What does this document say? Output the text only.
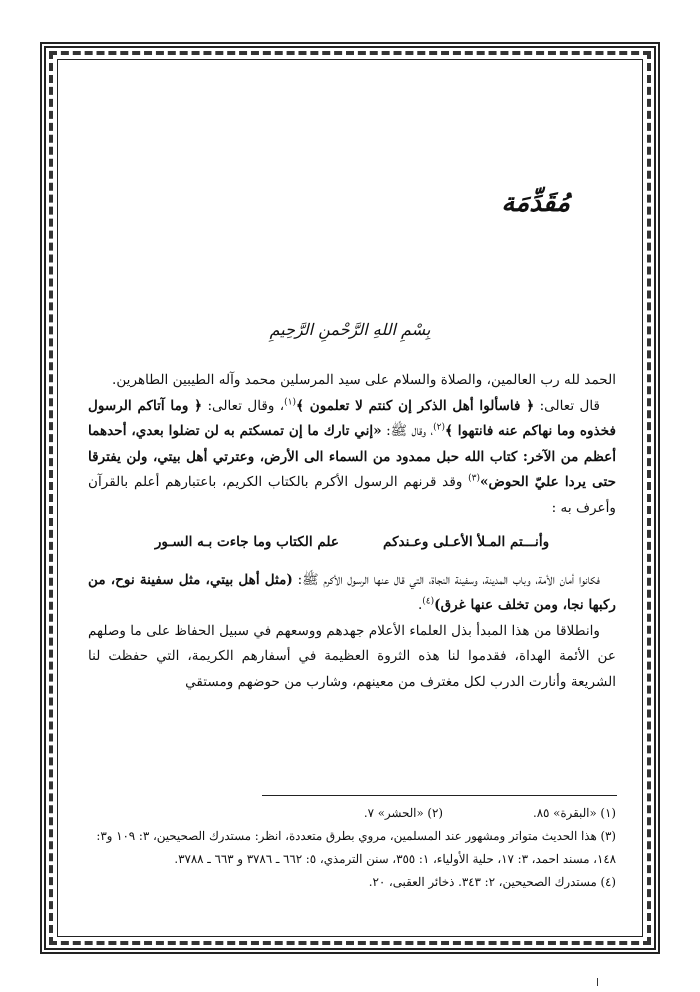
مُقَدِّمَة
بِسْمِ اللهِ الرَّحْمنِ الرَّحِيمِ

الحمد لله رب العالمين، والصلاة والسلام على سيد المرسلين محمد وآله الطيبين الطاهرين.

قال تعالى: ﴿ فاسألوا أهل الذكر إن كنتم لا تعلمون ﴾$^{(١)}$، وقال تعالى: ﴿ وما آتاكم الرسول فخذوه وما نهاكم عنه فانتهوا ﴾$^{(٢)}$، وقال ﷺ: «إني تارك ما إن تمسكتم به لن تضلوا بعدي، أحدهما أعظم من الآخر: كتاب الله حبل ممدود من السماء الى الأرض، وعترتي أهل بيتي، ولن يفترقا حتى يردا عليّ الحوض»$^{(٣)}$ وقد قرنهم الرسول الأكرم بالكتاب الكريم، باعتبارهم أعلم بالقرآن وأعرف به :

وأنـــتم المـلأ الأعـلى وعـندكم
علم الكتاب وما جاءت بـه السـور

فكانوا أمان الأمة، وباب المدينة، وسفينة النجاة، التي قال عنها الرسول الأكرم ﷺ: (مثل أهل بيتي، مثل سفينة نوح، من ركبها نجا، ومن تخلف عنها غرق)$^{(٤)}$.

وانطلاقا من هذا المبدأ بذل العلماء الأعلام جهدهم ووسعهم في سبيل الحفاظ على ما وصلهم عن الأئمة الهداة، فقدموا لنا هذه الثروة العظيمة في أسفارهم الكريمة، التي حفظت لنا الشريعة وأنارت الدرب لكل مغترف من معينهم، وشارب من حوضهم ومستقي

(١) «البقرة» ٨٥.
(٢) «الحشر» ٧.

(٣) هذا الحديث متواتر ومشهور عند المسلمين، مروي بطرق متعددة، انظر: مستدرك الصحيحين، ٣: ١٠٩ و٣: ١٤٨، مسند احمد، ٣: ١٧، حلية الأولياء، ١: ٣٥٥، سنن الترمذي، ٥: ٦٦٢ ـ ٣٧٨٦ و ٦٦٣ ـ ٣٧٨٨.

(٤) مستدرك الصحيحين، ٢: ٣٤٣. ذخائر العقبى، ٢٠.
